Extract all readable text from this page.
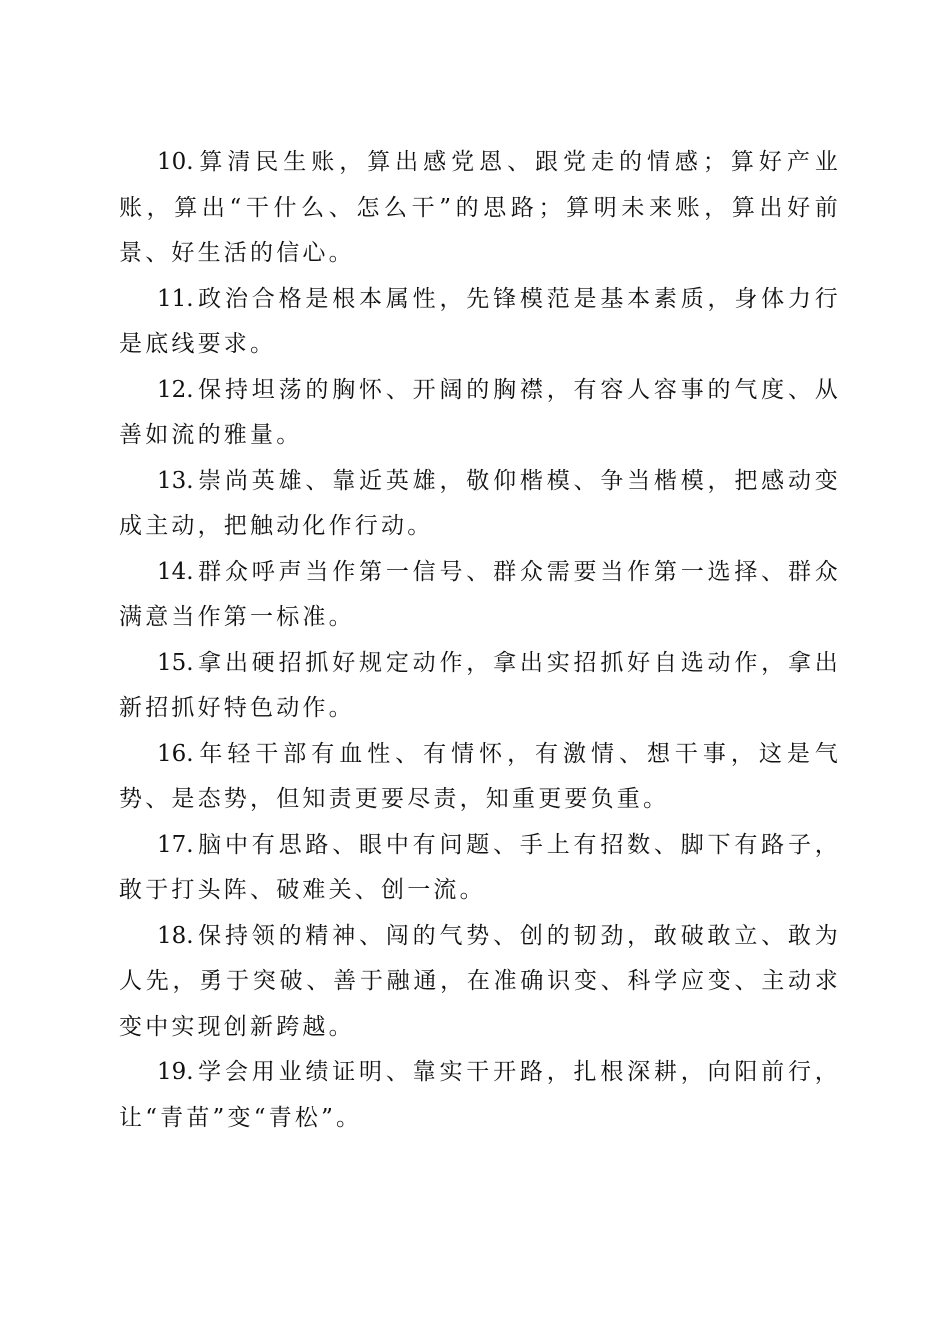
10. 算清民生账，算出感党恩、跟党走的情感；算好产业账，算出“干什么、怎么干”的思路；算明未来账，算出好前景、好生活的信心。

11. 政治合格是根本属性，先锋模范是基本素质，身体力行是底线要求。

12. 保持坦荡的胸怀、开阔的胸襟，有容人容事的气度、从善如流的雅量。

13. 崇尚英雄、靠近英雄，敬仰楷模、争当楷模，把感动变成主动，把触动化作行动。

14. 群众呼声当作第一信号、群众需要当作第一选择、群众满意当作第一标准。

15. 拿出硬招抓好规定动作，拿出实招抓好自选动作，拿出新招抓好特色动作。

16. 年轻干部有血性、有情怀，有激情、想干事，这是气势、是态势，但知责更要尽责，知重更要负重。

17. 脑中有思路、眼中有问题、手上有招数、脚下有路子，敢于打头阵、破难关、创一流。

18. 保持领的精神、闯的气势、创的韧劲，敢破敢立、敢为人先，勇于突破、善于融通，在准确识变、科学应变、主动求变中实现创新跨越。

19. 学会用业绩证明、靠实干开路，扎根深耕，向阳前行，让“青苗”变“青松”。
